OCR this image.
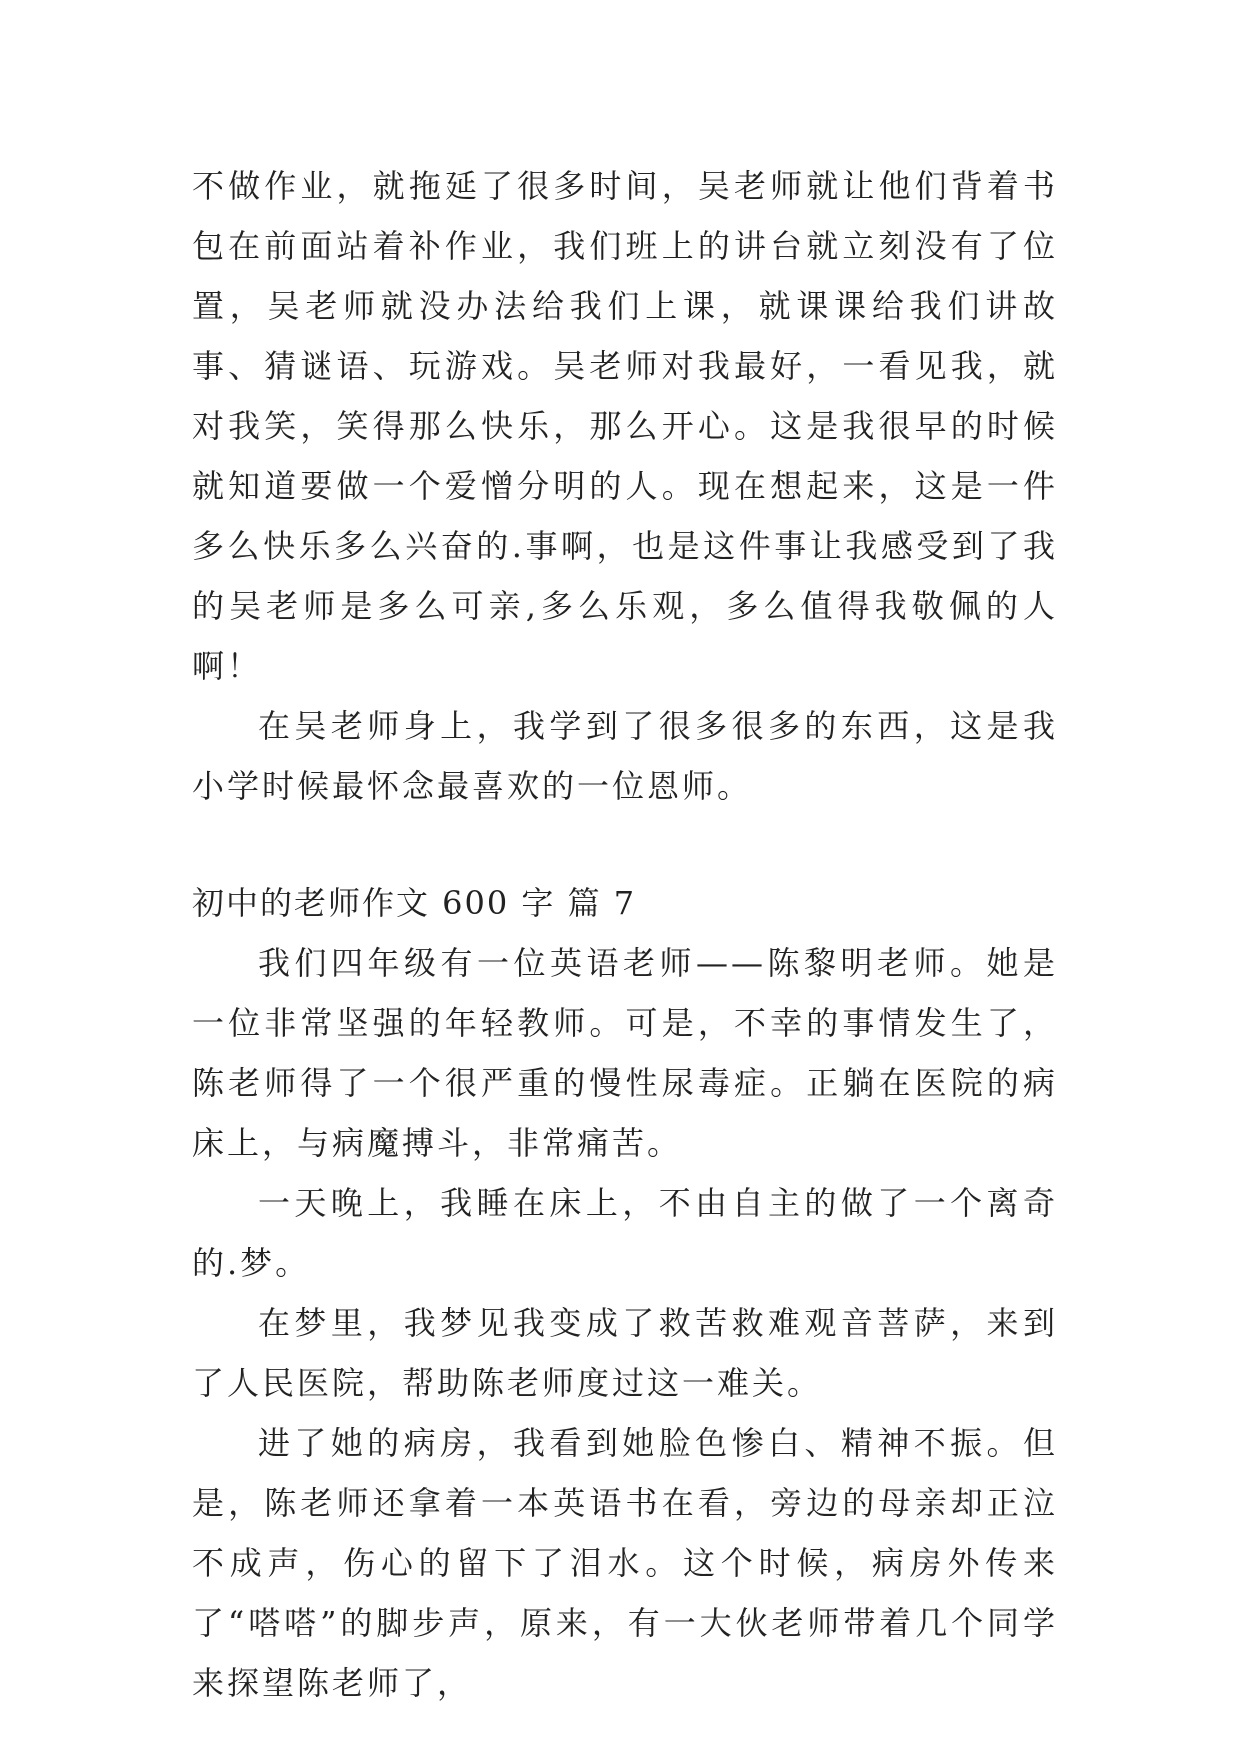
不做作业，就拖延了很多时间，吴老师就让他们背着书包在前面站着补作业，我们班上的讲台就立刻没有了位置，吴老师就没办法给我们上课，就课课给我们讲故事、猜谜语、玩游戏。吴老师对我最好，一看见我，就对我笑，笑得那么快乐，那么开心。这是我很早的时候就知道要做一个爱憎分明的人。现在想起来，这是一件多么快乐多么兴奋的.事啊，也是这件事让我感受到了我的吴老师是多么可亲,多么乐观，多么值得我敬佩的人啊！

在吴老师身上，我学到了很多很多的东西，这是我小学时候最怀念最喜欢的一位恩师。

初中的老师作文 600 字 篇 7

我们四年级有一位英语老师——陈黎明老师。她是一位非常坚强的年轻教师。可是，不幸的事情发生了，陈老师得了一个很严重的慢性尿毒症。正躺在医院的病床上，与病魔搏斗，非常痛苦。

一天晚上，我睡在床上，不由自主的做了一个离奇的.梦。

在梦里，我梦见我变成了救苦救难观音菩萨，来到了人民医院，帮助陈老师度过这一难关。

进了她的病房，我看到她脸色惨白、精神不振。但是，陈老师还拿着一本英语书在看，旁边的母亲却正泣不成声，伤心的留下了泪水。这个时候，病房外传来了“嗒嗒”的脚步声，原来，有一大伙老师带着几个同学来探望陈老师了，
